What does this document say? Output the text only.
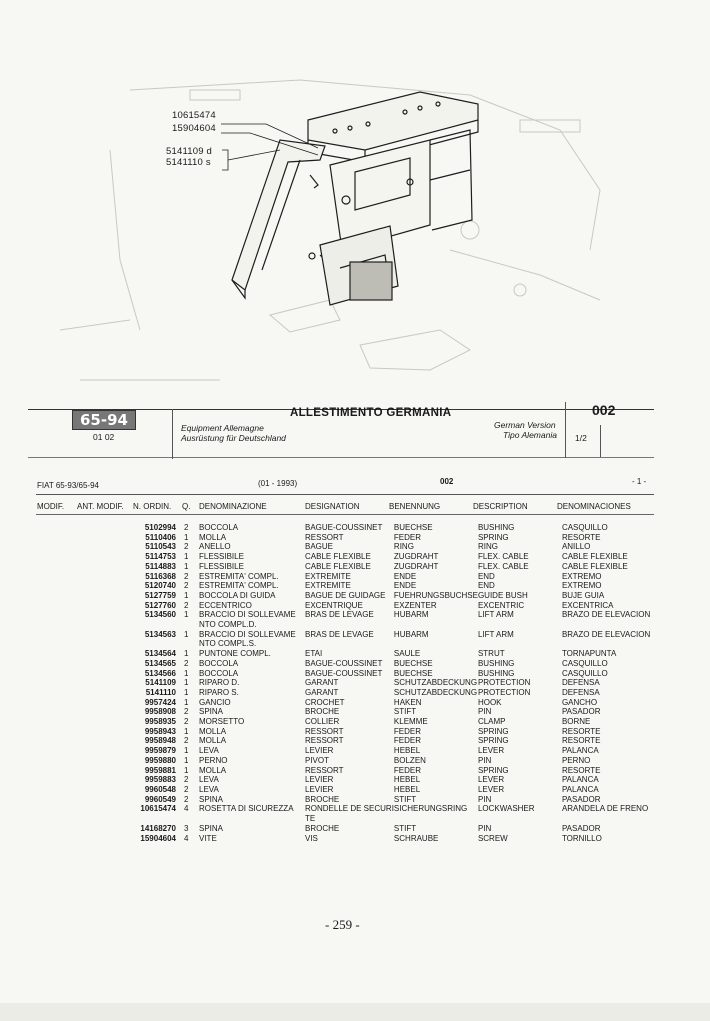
10615474
15904604
5141109 d
5141110 s
65-94
01 02
ALLESTIMENTO GERMANIA
Equipment Allemagne
Ausrüstung für Deutschland
German Version
Tipo Alemania
002
1/2
FIAT 65-93/65-94	(01 - 1993)	002	- 1 -
MODIF. ANT. MODIF. N. ORDIN. Q. DENOMINAZIONE	DESIGNATION	BENENNUNG	DESCRIPTION	DENOMINACIONES
5102994	2	BOCCOLA	BAGUE-COUSSINET	BUECHSE	BUSHING	CASQUILLO
5110406	1	MOLLA	RESSORT	FEDER	SPRING	RESORTE
5110543	2	ANELLO	BAGUE	RING	RING	ANILLO
5114753	1	FLESSIBILE	CABLE FLEXIBLE	ZUGDRAHT	FLEX. CABLE	CABLE FLEXIBLE
5114883	1	FLESSIBILE	CABLE FLEXIBLE	ZUGDRAHT	FLEX. CABLE	CABLE FLEXIBLE
5116368	2	ESTREMITA' COMPL.	EXTREMITE	ENDE	END	EXTREMO
5120740	2	ESTREMITA' COMPL.	EXTREMITE	ENDE	END	EXTREMO
5127759	1	BOCCOLA DI GUIDA	BAGUE DE GUIDAGE	FUEHRUNGSBUCHSE	GUIDE BUSH	BUJE GUIA
5127760	2	ECCENTRICO	EXCENTRIQUE	EXZENTER	EXCENTRIC	EXCENTRICA
5134560	1	BRACCIO DI SOLLEVAME	BRAS DE LEVAGE	HUBARM	LIFT ARM	BRAZO DE ELEVACION
		NTO COMPL.D.				
5134563	1	BRACCIO DI SOLLEVAME	BRAS DE LEVAGE	HUBARM	LIFT ARM	BRAZO DE ELEVACION
		NTO COMPL.S.				
5134564	1	PUNTONE COMPL.	ETAI	SAULE	STRUT	TORNAPUNTA
5134565	2	BOCCOLA	BAGUE-COUSSINET	BUECHSE	BUSHING	CASQUILLO
5134566	1	BOCCOLA	BAGUE-COUSSINET	BUECHSE	BUSHING	CASQUILLO
5141109	1	RIPARO D.	GARANT	SCHUTZABDECKUNG	PROTECTION	DEFENSA
5141110	1	RIPARO S.	GARANT	SCHUTZABDECKUNG	PROTECTION	DEFENSA
9957424	1	GANCIO	CROCHET	HAKEN	HOOK	GANCHO
9958908	2	SPINA	BROCHE	STIFT	PIN	PASADOR
9958935	2	MORSETTO	COLLIER	KLEMME	CLAMP	BORNE
9958943	1	MOLLA	RESSORT	FEDER	SPRING	RESORTE
9958948	2	MOLLA	RESSORT	FEDER	SPRING	RESORTE
9959879	1	LEVA	LEVIER	HEBEL	LEVER	PALANCA
9959880	1	PERNO	PIVOT	BOLZEN	PIN	PERNO
9959881	1	MOLLA	RESSORT	FEDER	SPRING	RESORTE
9959883	2	LEVA	LEVIER	HEBEL	LEVER	PALANCA
9960548	2	LEVA	LEVIER	HEBEL	LEVER	PALANCA
9960549	2	SPINA	BROCHE	STIFT	PIN	PASADOR
10615474	4	ROSETTA DI SICUREZZA	RONDELLE DE SECURI	SICHERUNGSRING	LOCKWASHER	ARANDELA DE FRENO
			TE			
14168270	3	SPINA	BROCHE	STIFT	PIN	PASADOR
15904604	4	VITE	VIS	SCHRAUBE	SCREW	TORNILLO
- 259 -
